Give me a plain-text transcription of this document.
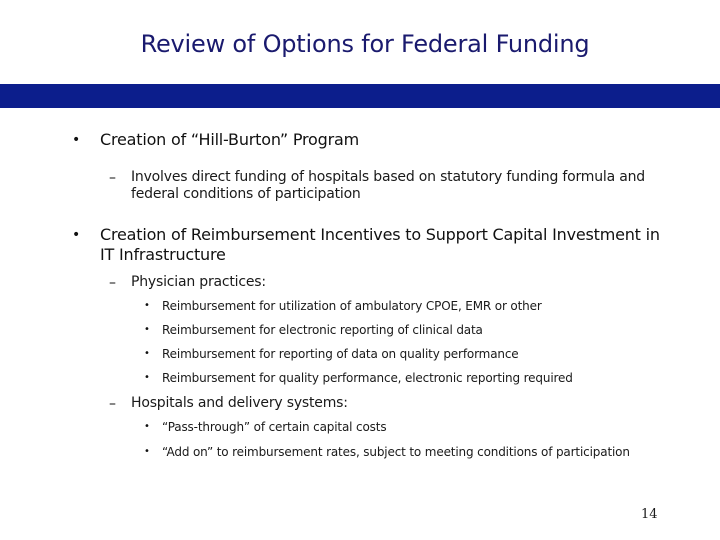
Review of Options for Federal Funding
• Creation of “Hill-Burton” Program
– Involves direct funding of hospitals based on statutory funding formula and
federal conditions of participation
• Creation of Reimbursement Incentives to Support Capital Investment in
IT Infrastructure
– Physician practices:
• Reimbursement for utilization of ambulatory CPOE, EMR or other
• Reimbursement for electronic reporting of clinical data
• Reimbursement for reporting of data on quality performance
• Reimbursement for quality performance, electronic reporting required
– Hospitals and delivery systems:
• “Pass-through” of certain capital costs
• “Add on” to reimbursement rates, subject to meeting conditions of participation
14
